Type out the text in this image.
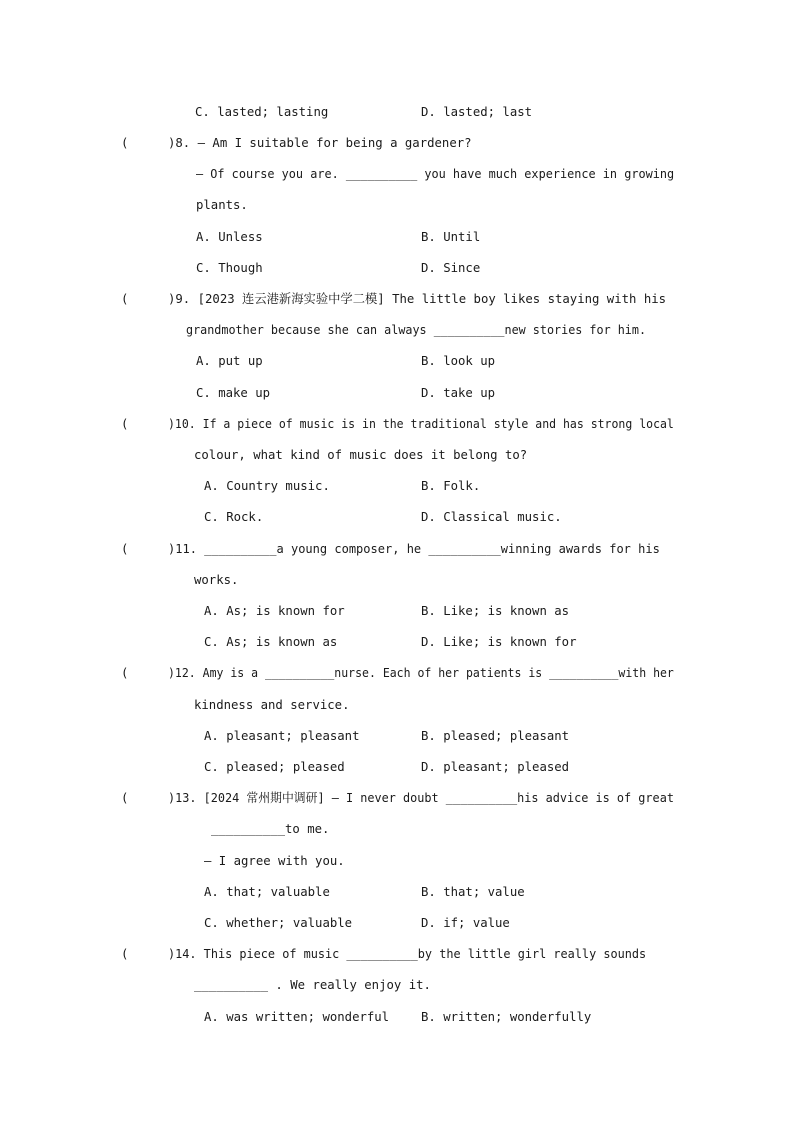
C. lasted; lasting	D. lasted; last
)8. — Am I suitable for being a gardener?
— Of course you are. __________ you have much experience in growing
plants.
A. Unless	B. Until
C. Though	D. Since
)9. [2023 连云港新海实验中学二模] The little boy likes staying with his
grandmother because she can always __________new stories for him.
A. put up	B. look up
C. make up	D. take up
)10. If a piece of music is in the traditional style and has strong local
colour, what kind of music does it belong to?
A. Country music.	B. Folk.
C. Rock.	D. Classical music.
)11. __________a young composer, he __________winning awards for his
works.
A. As; is known for	B. Like; is known as
C. As; is known as	D. Like; is known for
)12. Amy is a __________nurse. Each of her patients is __________with her
kindness and service.
A. pleasant; pleasant	B. pleased; pleasant
C. pleased; pleased	D. pleasant; pleased
)13. [2024 常州期中调研] — I never doubt __________his advice is of great
__________to me.
— I agree with you.
A. that; valuable	B. that; value
C. whether; valuable	D. if; value
)14. This piece of music __________by the little girl really sounds
__________ . We really enjoy it.
A. was written; wonderful	B. written; wonderfully
(
(
(
(
(
(
(
